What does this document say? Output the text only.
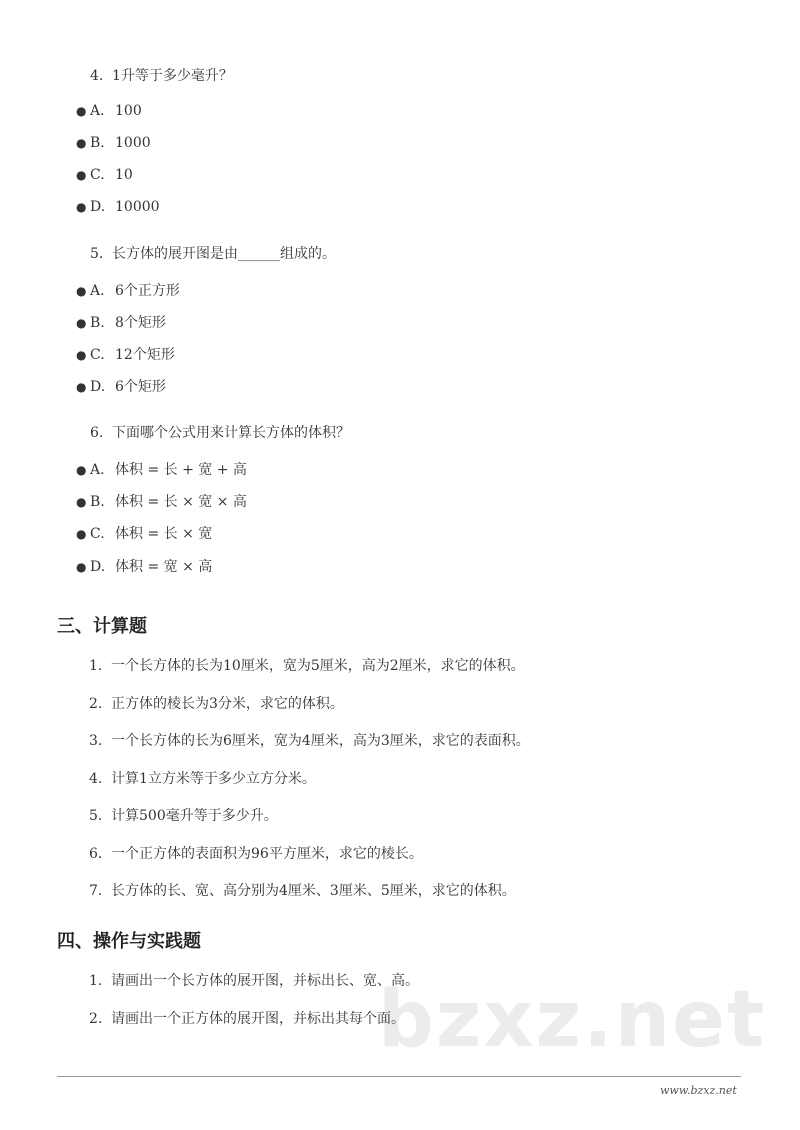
4. 1升等于多少毫升？
● A. 100
● B. 1000
● C. 10
● D. 10000
5. 长方体的展开图是由______组成的。
● A. 6个正方形
● B. 8个矩形
● C. 12个矩形
● D. 6个矩形
6. 下面哪个公式用来计算长方体的体积？
● A. 体积 = 长 + 宽 + 高
● B. 体积 = 长 × 宽 × 高
● C. 体积 = 长 × 宽
● D. 体积 = 宽 × 高
三、计算题
1. 一个长方体的长为10厘米，宽为5厘米，高为2厘米，求它的体积。
2. 正方体的棱长为3分米，求它的体积。
3. 一个长方体的长为6厘米，宽为4厘米，高为3厘米，求它的表面积。
4. 计算1立方米等于多少立方分米。
5. 计算500毫升等于多少升。
6. 一个正方体的表面积为96平方厘米，求它的棱长。
7. 长方体的长、宽、高分别为4厘米、3厘米、5厘米，求它的体积。
bzxz.net
四、操作与实践题
1. 请画出一个长方体的展开图，并标出长、宽、高。
2. 请画出一个正方体的展开图，并标出其每个面。
www.bzxz.net
